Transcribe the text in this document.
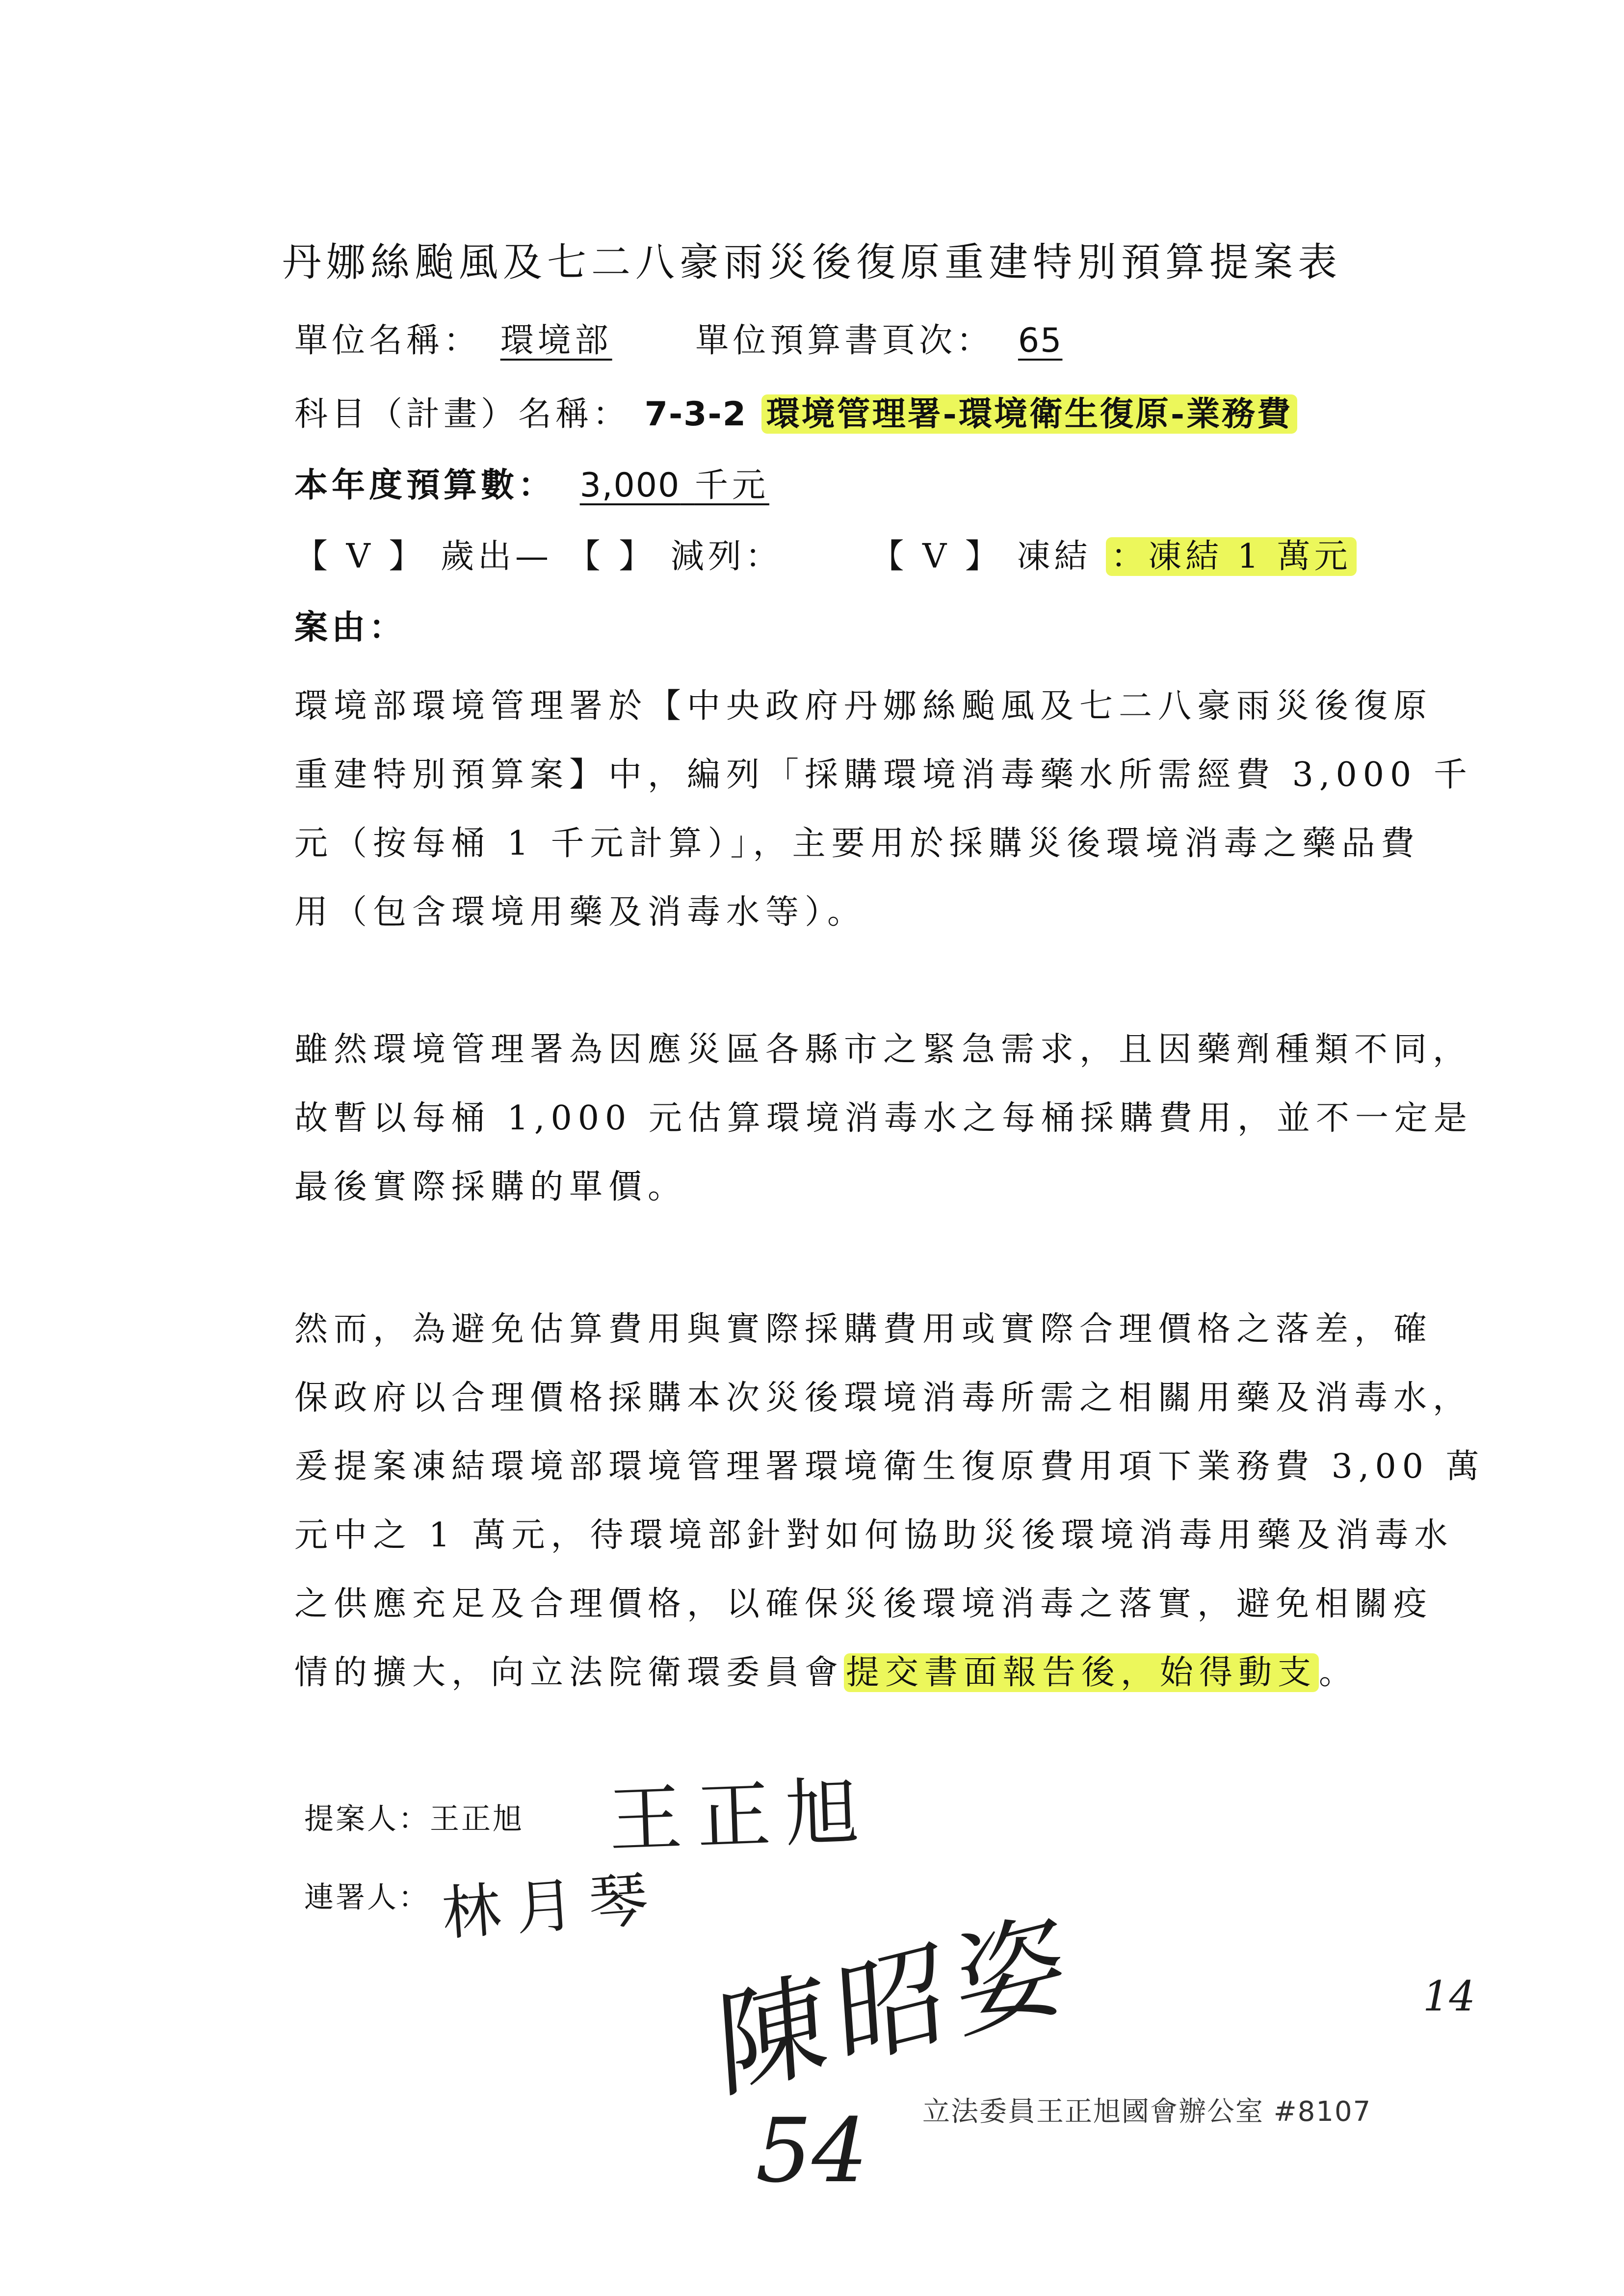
丹娜絲颱風及七二八豪雨災後復原重建特別預算提案表
單位名稱： 環境部 單位預算書頁次： 65
科目（計畫）名稱： 7-3-2 環境管理署-環境衛生復原-業務費
本年度預算數： 3,000 千元
【 V 】 歲出— 【 】 減列：	【 V 】 凍結 ：凍結 1 萬元
案由：

環境部環境管理署於【中央政府丹娜絲颱風及七二八豪雨災後復原

重建特別預算案】中，編列「採購環境消毒藥水所需經費 3,000 千

元（按每桶 1 千元計算）」，主要用於採購災後環境消毒之藥品費

用（包含環境用藥及消毒水等）。

雖然環境管理署為因應災區各縣市之緊急需求，且因藥劑種類不同，

故暫以每桶 1,000 元估算環境消毒水之每桶採購費用，並不一定是

最後實際採購的單價。

然而，為避免估算費用與實際採購費用或實際合理價格之落差，確

保政府以合理價格採購本次災後環境消毒所需之相關用藥及消毒水，

爰提案凍結環境部環境管理署環境衛生復原費用項下業務費 3,00 萬

元中之 1 萬元，待環境部針對如何協助災後環境消毒用藥及消毒水

之供應充足及合理價格，以確保災後環境消毒之落實，避免相關疫

情的擴大，向立法院衛環委員會提交書面報告後，始得動支。

提案人：王正旭 王正旭
連署人： 林月琴 陳昭姿	14
54 立法委員王正旭國會辦公室 #8107
